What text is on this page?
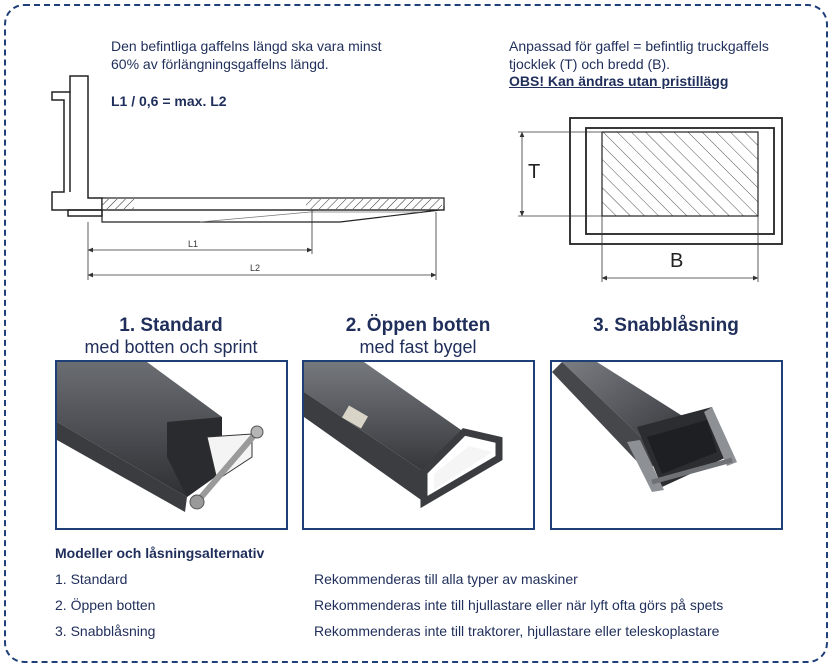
Den befintliga gaffelns längd ska vara minst
60% av förlängningsgaffelns längd.
L1 / 0,6 = max. L2
L1
L2
Anpassad för gaffel = befintlig truckgaffels
tjocklek (T) och bredd (B).
OBS! Kan ändras utan pristillägg
T
B
1. Standard
med botten och sprint
2. Öppen botten
med fast bygel
3. Snabblåsning
Modeller och låsningsalternativ
1. Standard	Rekommenderas till alla typer av maskiner
2. Öppen botten	Rekommenderas inte till hjullastare eller när lyft ofta görs på spets
3. Snabblåsning	Rekommenderas inte till traktorer, hjullastare eller teleskoplastare
